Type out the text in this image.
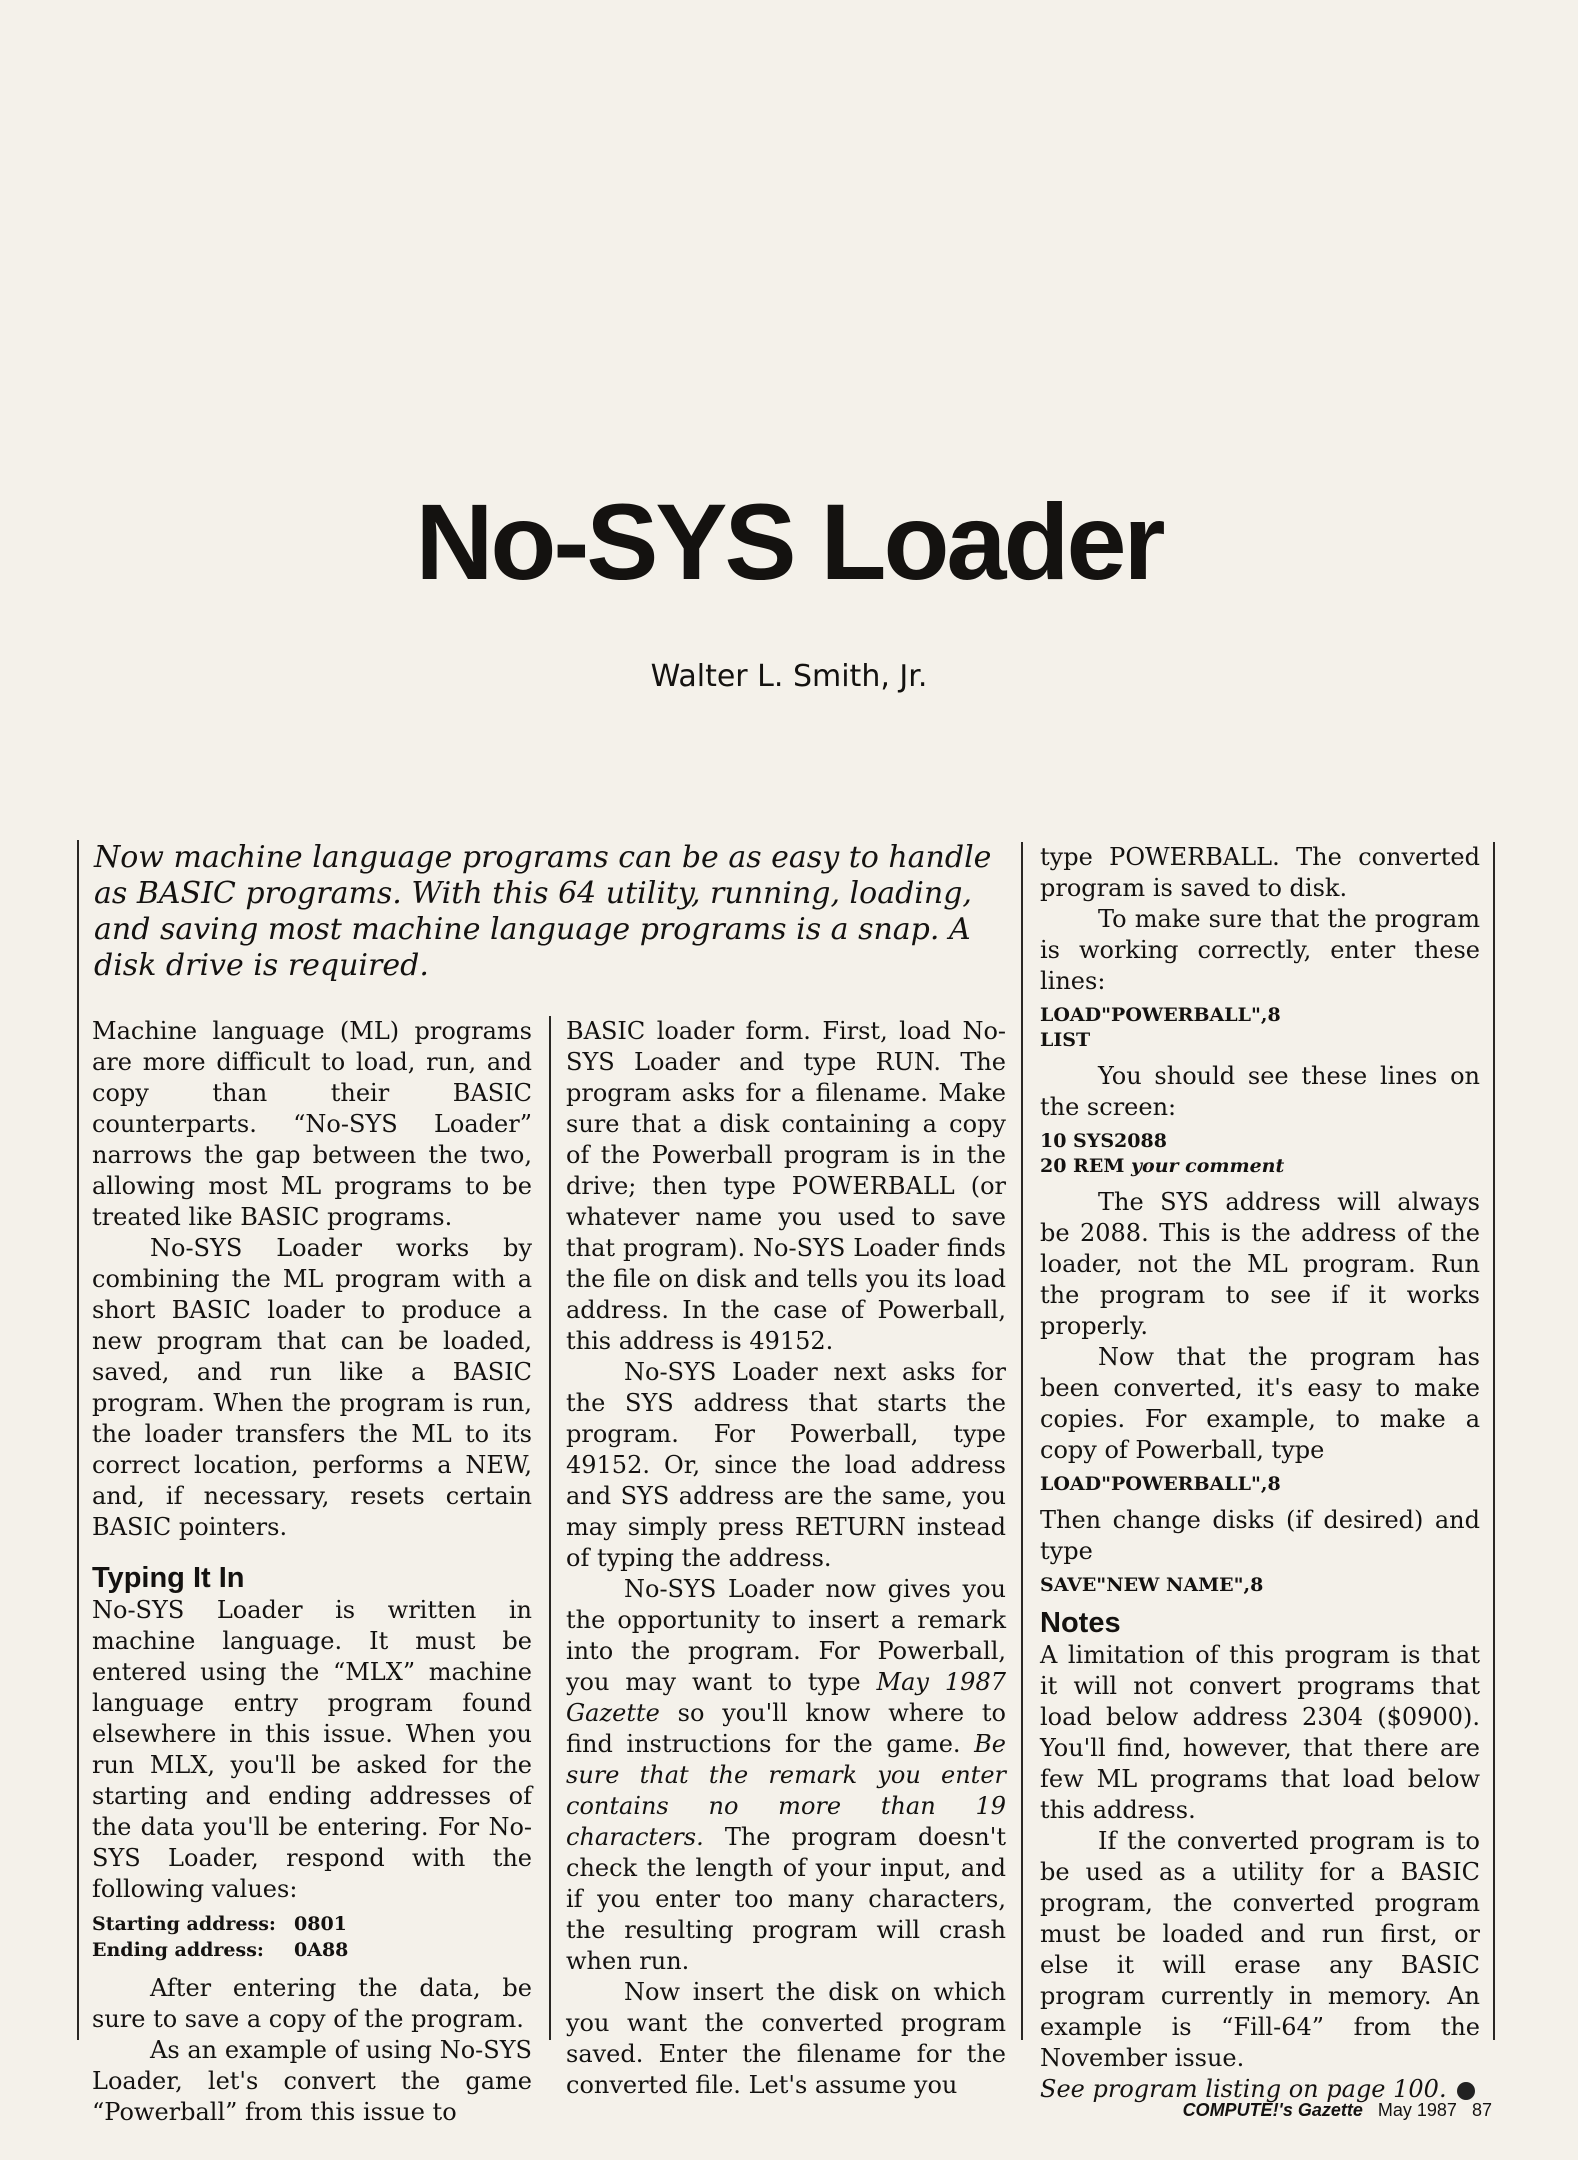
No-SYS Loader
Walter L. Smith, Jr.

Now machine language programs can be as easy to handle as BASIC programs. With this 64 utility, running, loading, and saving most machine language programs is a snap. A disk drive is required.

Machine language (ML) programs are more difficult to load, run, and copy than their BASIC counterparts. “No-SYS Loader” narrows the gap between the two, allowing most ML programs to be treated like BASIC programs.

No-SYS Loader works by combining the ML program with a short BASIC loader to produce a new program that can be loaded, saved, and run like a BASIC program. When the program is run, the loader transfers the ML to its correct location, performs a NEW, and, if necessary, resets certain BASIC pointers.

Typing It In

No-SYS Loader is written in machine language. It must be entered using the “MLX” machine language entry program found elsewhere in this issue. When you run MLX, you'll be asked for the starting and ending addresses of the data you'll be entering. For No-SYS Loader, respond with the following values:

Starting address: 0801
Ending address: 0A88

After entering the data, be sure to save a copy of the program.

As an example of using No-SYS Loader, let's convert the game “Powerball” from this issue to

BASIC loader form. First, load No-SYS Loader and type RUN. The program asks for a filename. Make sure that a disk containing a copy of the Powerball program is in the drive; then type POWERBALL (or whatever name you used to save that program). No-SYS Loader finds the file on disk and tells you its load address. In the case of Powerball, this address is 49152.

No-SYS Loader next asks for the SYS address that starts the program. For Powerball, type 49152. Or, since the load address and SYS address are the same, you may simply press RETURN instead of typing the address.

No-SYS Loader now gives you the opportunity to insert a remark into the program. For Powerball, you may want to type May 1987 Gazette so you'll know where to find instructions for the game. Be sure that the remark you enter contains no more than 19 characters. The program doesn't check the length of your input, and if you enter too many characters, the resulting program will crash when run.

Now insert the disk on which you want the converted program saved. Enter the filename for the converted file. Let's assume you

type POWERBALL. The converted program is saved to disk.

To make sure that the program is working correctly, enter these lines:

LOAD"POWERBALL",8
LIST

You should see these lines on the screen:

10 SYS2088
20 REM your comment

The SYS address will always be 2088. This is the address of the loader, not the ML program. Run the program to see if it works properly.

Now that the program has been converted, it's easy to make copies. For example, to make a copy of Powerball, type

LOAD"POWERBALL",8

Then change disks (if desired) and type

SAVE"NEW NAME",8
Notes

A limitation of this program is that it will not convert programs that load below address 2304 ($0900). You'll find, however, that there are few ML programs that load below this address.

If the converted program is to be used as a utility for a BASIC program, the converted program must be loaded and run first, or else it will erase any BASIC program currently in memory. An example is “Fill-64” from the November issue.

See program listing on page 100.

COMPUTE!'s Gazette May 1987 87
